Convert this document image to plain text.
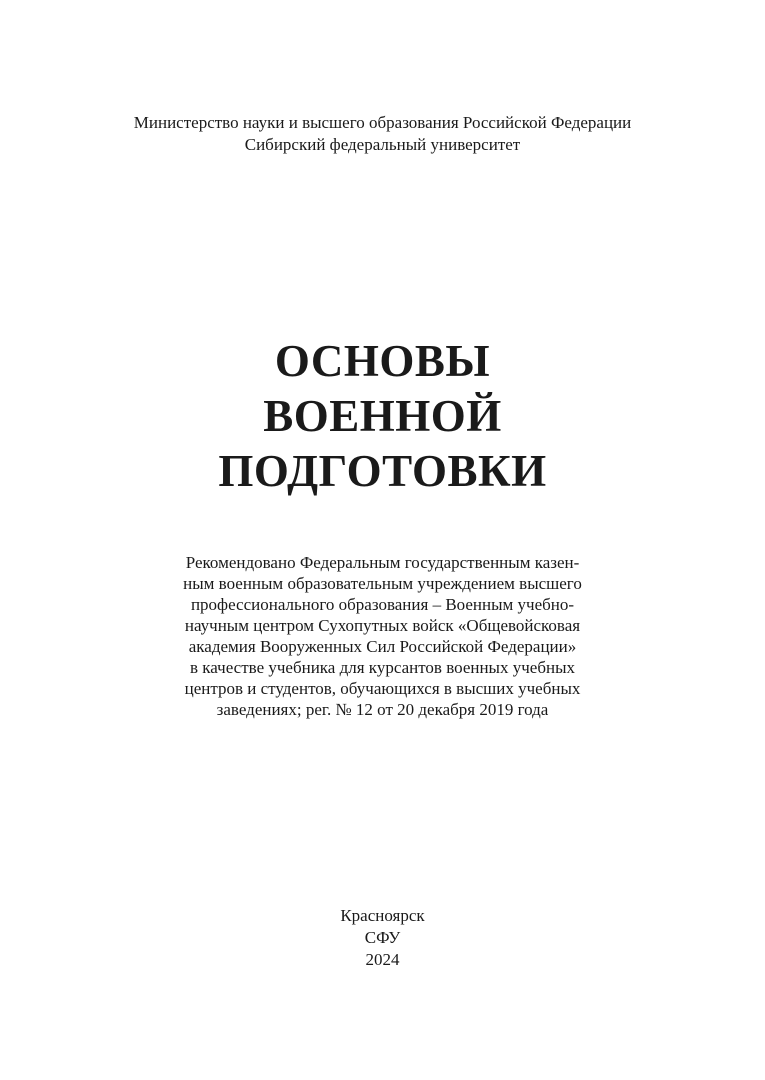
Министерство науки и высшего образования Российской Федерации
Сибирский федеральный университет
ОСНОВЫ
ВОЕННОЙ
ПОДГОТОВКИ
Рекомендовано Федеральным государственным казен-
ным военным образовательным учреждением высшего
профессионального образования – Военным учебно-
научным центром Сухопутных войск «Общевойсковая
академия Вооруженных Сил Российской Федерации»
в качестве учебника для курсантов военных учебных
центров и студентов, обучающихся в высших учебных
заведениях; рег. № 12 от 20 декабря 2019 года
Красноярск
СФУ
2024
